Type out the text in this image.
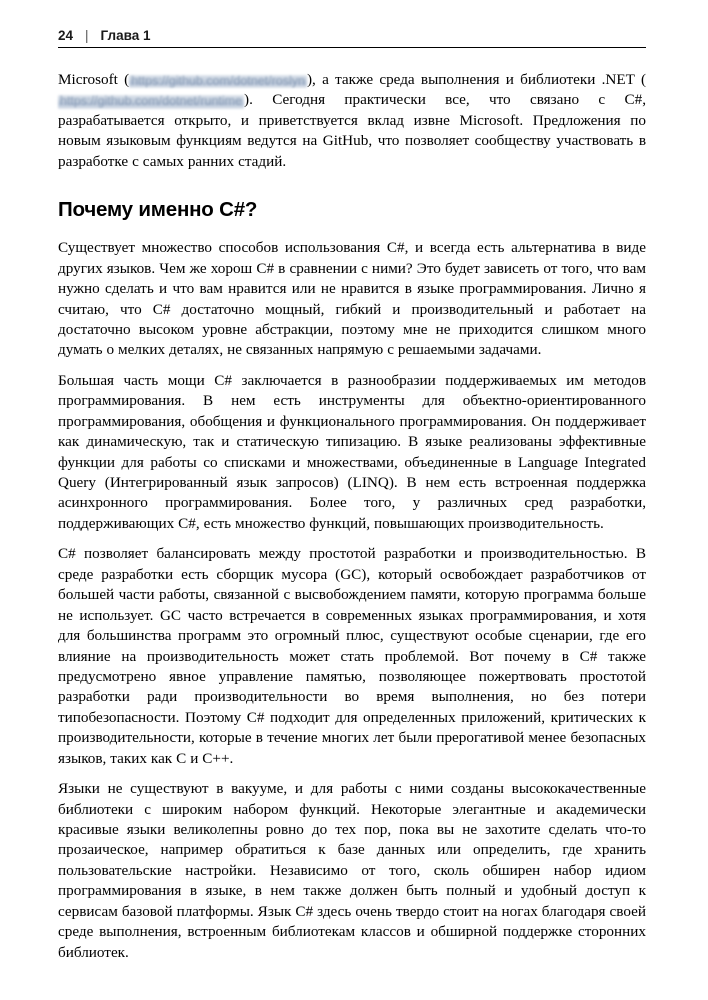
24 | Глава 1

Microsoft ( https://github.com/dotnet/roslyn ), а также среда выполнения и библиотеки .NET (https://github.com/dotnet/runtime ). Сегодня практически все, что связано с C#, разрабатывается открыто, и приветствуется вклад извне Microsoft. Предложения по новым языковым функциям ведутся на GitHub, что позволяет сообществу участвовать в разработке с самых ранних стадий.

Почему именно C#?

Существует множество способов использования C#, и всегда есть альтернатива в виде других языков. Чем же хорош C# в сравнении с ними? Это будет зависеть от того, что вам нужно сделать и что вам нравится или не нравится в языке программирования. Лично я считаю, что C# достаточно мощный, гибкий и производительный и работает на достаточно высоком уровне абстракции, поэтому мне не приходится слишком много думать о мелких деталях, не связанных напрямую с решаемыми задачами.

Большая часть мощи C# заключается в разнообразии поддерживаемых им методов программирования. В нем есть инструменты для объектно-ориентированного программирования, обобщения и функционального программирования. Он поддерживает как динамическую, так и статическую типизацию. В языке реализованы эффективные функции для работы со списками и множествами, объединенные в Language Integrated Query (Интегрированный язык запросов) (LINQ). В нем есть встроенная поддержка асинхронного программирования. Более того, у различных сред разработки, поддерживающих C#, есть множество функций, повышающих производительность.

C# позволяет балансировать между простотой разработки и производительностью. В среде разработки есть сборщик мусора (GC), который освобождает разработчиков от большей части работы, связанной с высвобождением памяти, которую программа больше не использует. GC часто встречается в современных языках программирования, и хотя для большинства программ это огромный плюс, существуют особые сценарии, где его влияние на производительность может стать проблемой. Вот почему в C# также предусмотрено явное управление памятью, позволяющее пожертвовать простотой разработки ради производительности во время выполнения, но без потери типобезопасности. Поэтому C# подходит для определенных приложений, критических к производительности, которые в течение многих лет были прерогативой менее безопасных языков, таких как C и C++.

Языки не существуют в вакууме, и для работы с ними созданы высококачественные библиотеки с широким набором функций. Некоторые элегантные и академически красивые языки великолепны ровно до тех пор, пока вы не захотите сделать что-то прозаическое, например обратиться к базе данных или определить, где хранить пользовательские настройки. Независимо от того, сколь обширен набор идиом программирования в языке, в нем также должен быть полный и удобный доступ к сервисам базовой платформы. Язык C# здесь очень твердо стоит на ногах благодаря своей среде выполнения, встроенным библиотекам классов и обширной поддержке сторонних библиотек.
